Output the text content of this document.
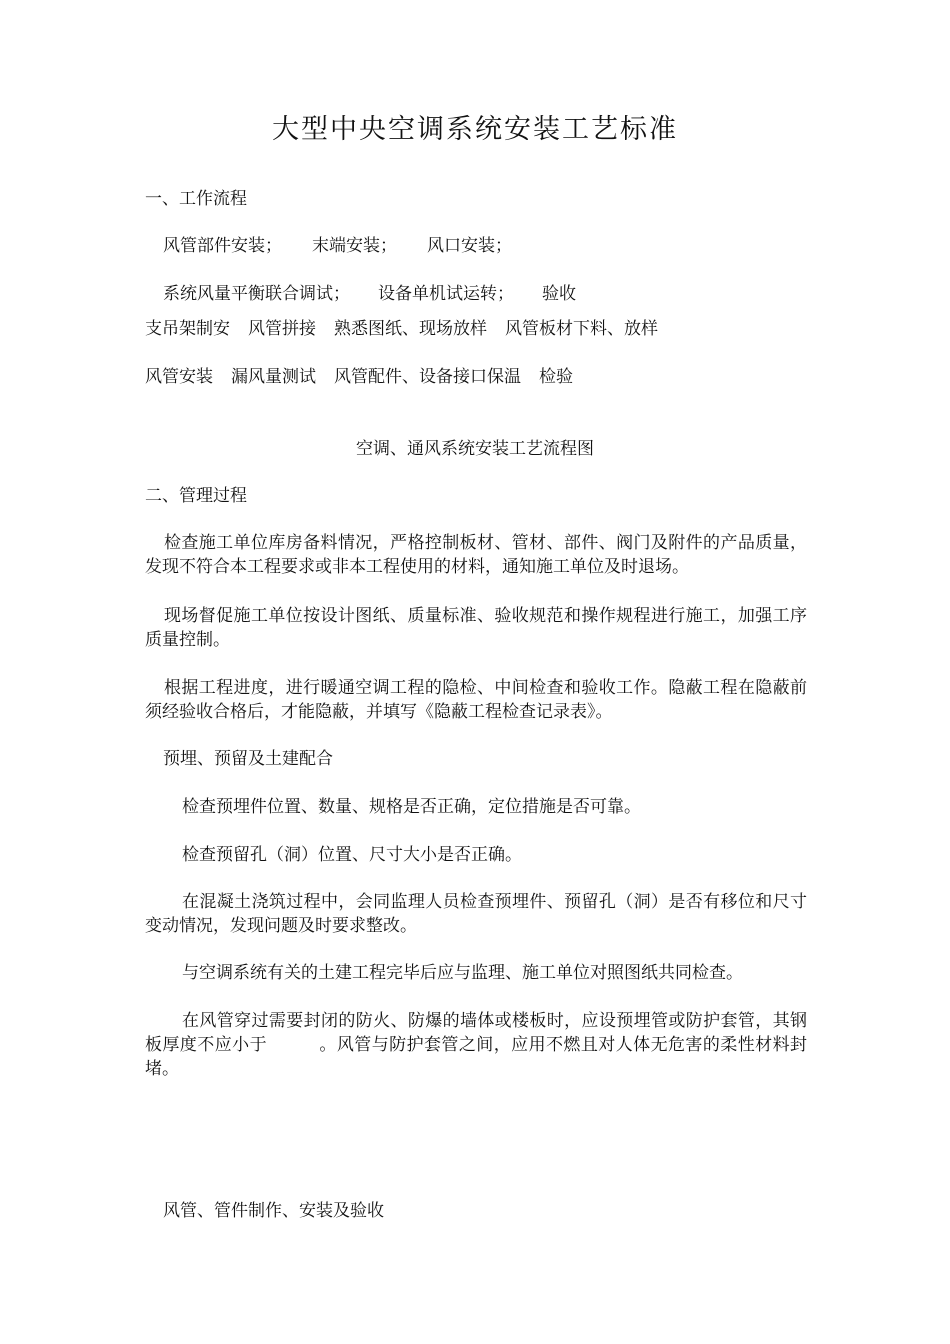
大型中央空调系统安装工艺标准
一、工作流程
风管部件安装； 末端安装； 风口安装；
系统风量平衡联合调试； 设备单机试运转； 验收
支吊架制安 风管拼接 熟悉图纸、现场放样 风管板材下料、放样
风管安装 漏风量测试 风管配件、设备接口保温 检验
空调、通风系统安装工艺流程图
二、管理过程
检查施工单位库房备料情况，严格控制板材、管材、部件、阀门及附件的产品质量，发现不符合本工程要求或非本工程使用的材料，通知施工单位及时退场。
现场督促施工单位按设计图纸、质量标准、验收规范和操作规程进行施工，加强工序质量控制。
根据工程进度，进行暖通空调工程的隐检、中间检查和验收工作。隐蔽工程在隐蔽前须经验收合格后，才能隐蔽，并填写《隐蔽工程检查记录表》。
预埋、预留及土建配合
检查预埋件位置、数量、规格是否正确，定位措施是否可靠。
检查预留孔（洞）位置、尺寸大小是否正确。
在混凝土浇筑过程中，会同监理人员检查预埋件、预留孔（洞）是否有移位和尺寸变动情况，发现问题及时要求整改。
与空调系统有关的土建工程完毕后应与监理、施工单位对照图纸共同检查。
在风管穿过需要封闭的防火、防爆的墙体或楼板时，应设预埋管或防护套管，其钢板厚度不应小于	。风管与防护套管之间，应用不燃且对人体无危害的柔性材料封堵。
风管、管件制作、安装及验收
